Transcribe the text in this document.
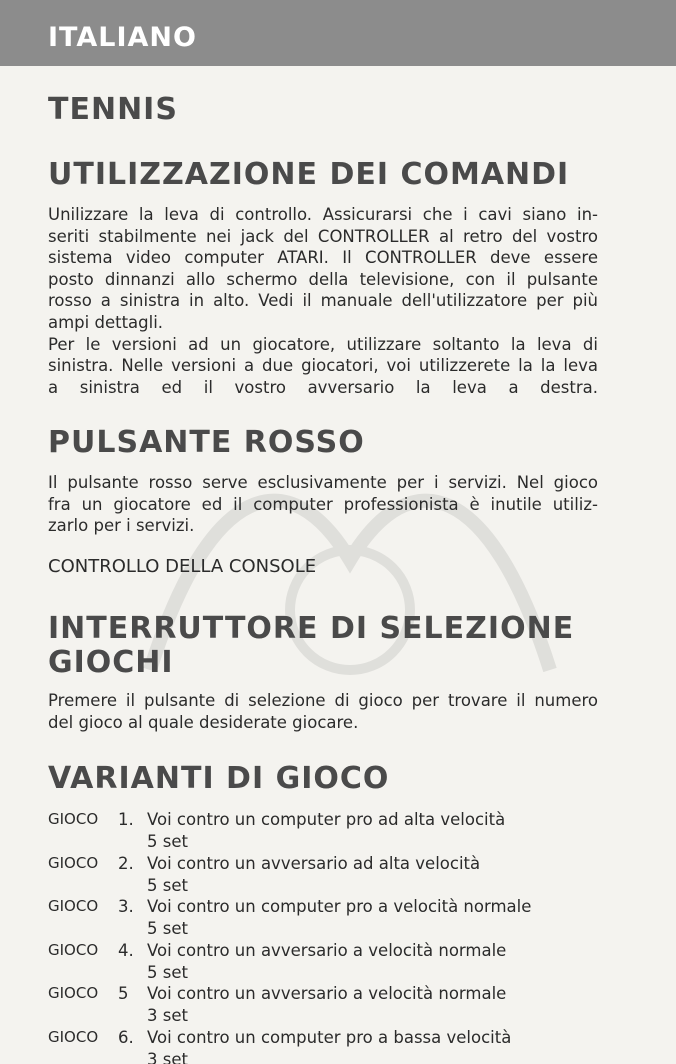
ITALIANO
TENNIS
UTILIZZAZIONE DEI COMANDI
Unilizzare la leva di controllo. Assicurarsi che i cavi siano in-
seriti stabilmente nei jack del CONTROLLER al retro del vostro
sistema video computer ATARI. Il CONTROLLER deve essere
posto dinnanzi allo schermo della televisione, con il pulsante
rosso a sinistra in alto. Vedi il manuale dell'utilizzatore per più
ampi dettagli.
Per le versioni ad un giocatore, utilizzare soltanto la leva di
sinistra. Nelle versioni a due giocatori, voi utilizzerete la la leva
a sinistra ed il vostro avversario la leva a destra.
PULSANTE ROSSO
Il pulsante rosso serve esclusivamente per i servizi. Nel gioco
fra un giocatore ed il computer professionista è inutile utiliz-
zarlo per i servizi.
CONTROLLO DELLA CONSOLE
INTERRUTTORE DI SELEZIONE
GIOCHI
Premere il pulsante di selezione di gioco per trovare il numero
del gioco al quale desiderate giocare.
VARIANTI DI GIOCO
GIOCO 1. Voi contro un computer pro ad alta velocità
5 set
GIOCO 2. Voi contro un avversario ad alta velocità
5 set
GIOCO 3. Voi contro un computer pro a velocità normale
5 set
GIOCO 4. Voi contro un avversario a velocità normale
5 set
GIOCO 5 Voi contro un avversario a velocità normale
3 set
GIOCO 6. Voi contro un computer pro a bassa velocità
3 set
